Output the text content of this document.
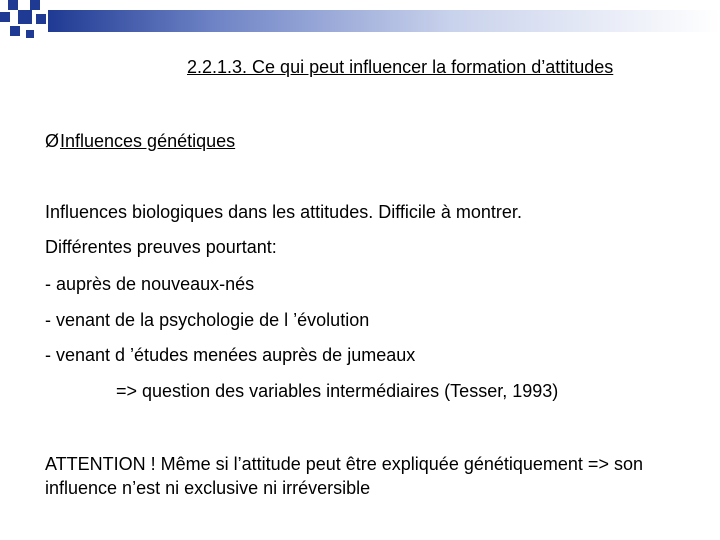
2.2.1.3. Ce qui peut influencer la formation d’attitudes
ØInfluences génétiques
Influences biologiques dans les attitudes. Difficile à montrer.
Différentes preuves pourtant:
- auprès de nouveaux-nés
- venant de la psychologie de l ’évolution
- venant d ’études menées auprès de jumeaux
=> question des variables intermédiaires (Tesser, 1993)
ATTENTION ! Même si l’attitude peut être expliquée génétiquement => son influence n’est ni exclusive ni irréversible
